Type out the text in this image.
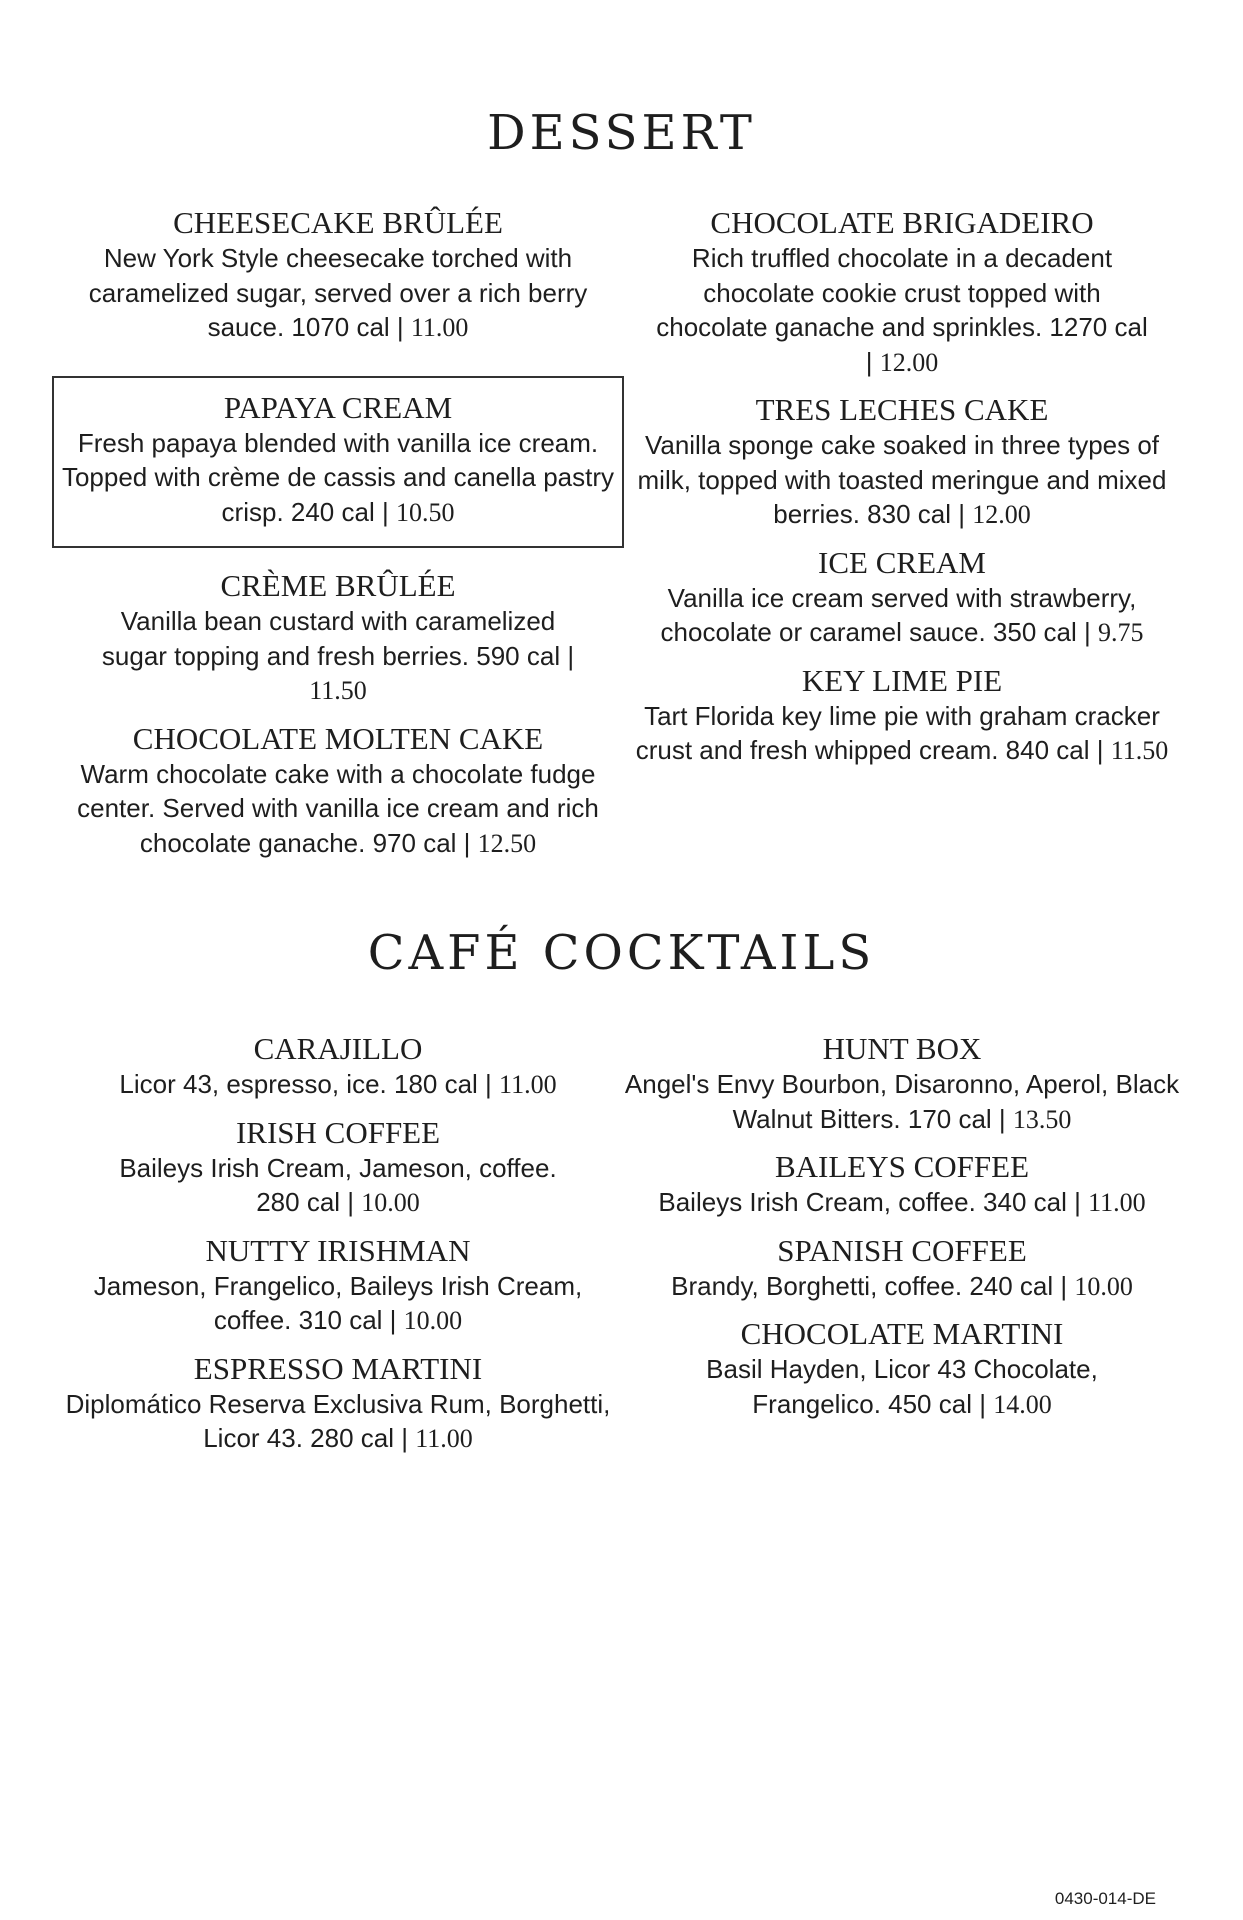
DESSERT

CHEESECAKE BRÛLÉE

New York Style cheesecake torched with caramelized sugar, served over a rich berry sauce. 1070 cal | 11.00

PAPAYA CREAM

Fresh papaya blended with vanilla ice cream. Topped with crème de cassis and canella pastry crisp. 240 cal | 10.50

CRÈME BRÛLÉE

Vanilla bean custard with caramelized sugar topping and fresh berries. 590 cal | 11.50

CHOCOLATE MOLTEN CAKE

Warm chocolate cake with a chocolate fudge center. Served with vanilla ice cream and rich chocolate ganache. 970 cal | 12.50

CHOCOLATE BRIGADEIRO

Rich truffled chocolate in a decadent chocolate cookie crust topped with chocolate ganache and sprinkles. 1270 cal | 12.00

TRES LECHES CAKE

Vanilla sponge cake soaked in three types of milk, topped with toasted meringue and mixed berries. 830 cal | 12.00

ICE CREAM

Vanilla ice cream served with strawberry, chocolate or caramel sauce. 350 cal | 9.75

KEY LIME PIE

Tart Florida key lime pie with graham cracker crust and fresh whipped cream. 840 cal | 11.50

CAFÉ COCKTAILS

CARAJILLO

Licor 43, espresso, ice. 180 cal | 11.00

IRISH COFFEE

Baileys Irish Cream, Jameson, coffee. 280 cal | 10.00

NUTTY IRISHMAN

Jameson, Frangelico, Baileys Irish Cream, coffee. 310 cal | 10.00

ESPRESSO MARTINI

Diplomático Reserva Exclusiva Rum, Borghetti, Licor 43. 280 cal | 11.00

HUNT BOX

Angel's Envy Bourbon, Disaronno, Aperol, Black Walnut Bitters. 170 cal | 13.50

BAILEYS COFFEE

Baileys Irish Cream, coffee. 340 cal | 11.00

SPANISH COFFEE

Brandy, Borghetti, coffee. 240 cal | 10.00

CHOCOLATE MARTINI

Basil Hayden, Licor 43 Chocolate, Frangelico. 450 cal | 14.00

0430-014-DE
